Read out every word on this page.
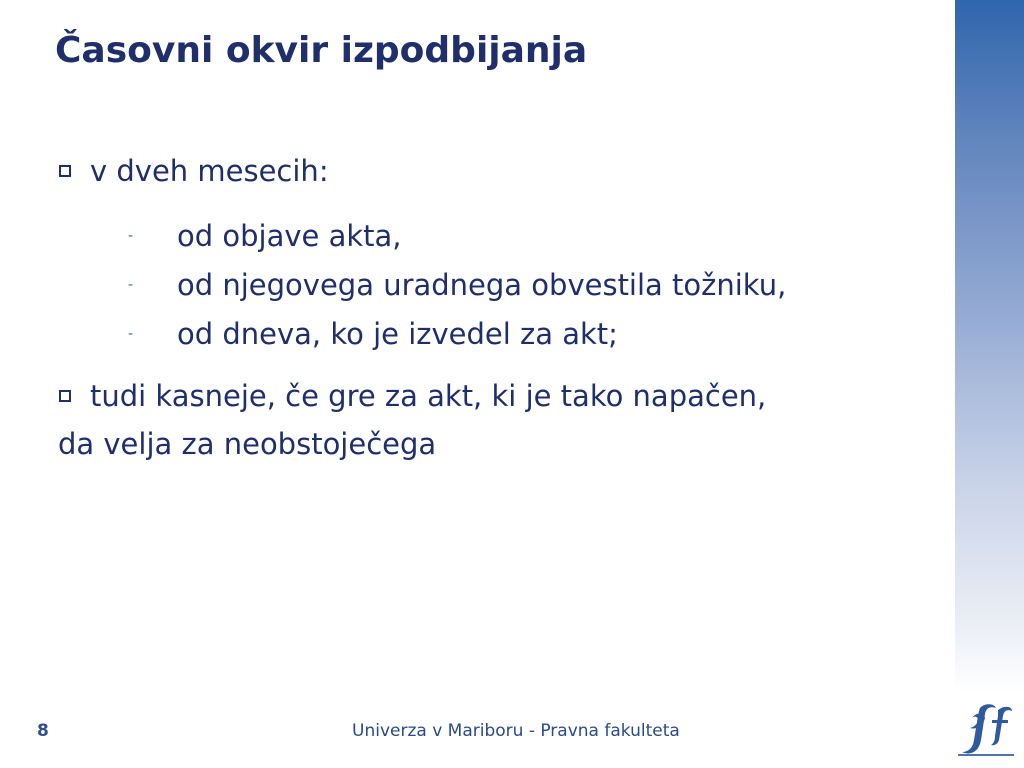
Časovni okvir izpodbijanja
v dveh mesecih:
- od objave akta,
- od njegovega uradnega obvestila tožniku,
- od dneva, ko je izvedel za akt;
tudi kasneje, če gre za akt, ki je tako napačen,
da velja za neobstoječega
8	Univerza v Mariboru - Pravna fakulteta
